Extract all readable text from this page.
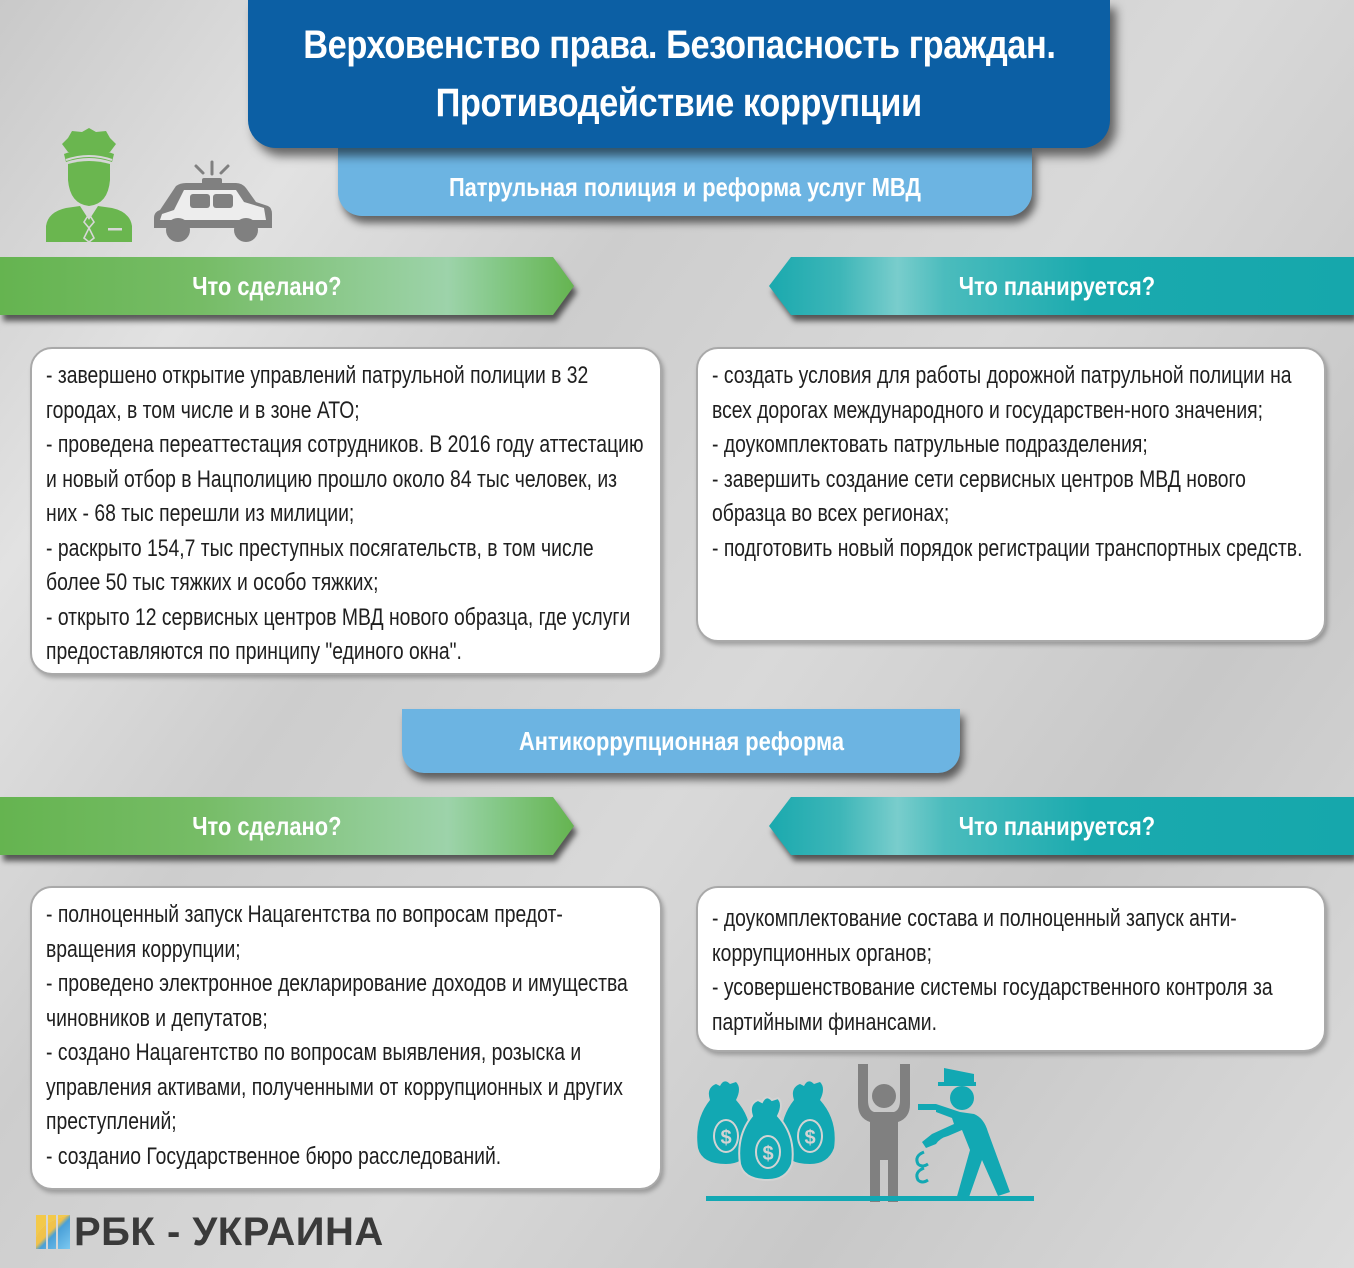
Верховенство права. Безопасность граждан.
Противодействие коррупции
Патрульная полиция и реформа услуг МВД
Что сделано?	Что планируется?
- завершено открытие управлений патрульной полиции в 32 городах, в том числе и в зоне АТО;
- проведена переаттестация сотрудников. В 2016 году аттестацию и новый отбор в Нацполицию прошло около 84 тыс человек, из них - 68 тыс перешли из милиции;
- раскрыто 154,7 тыс преступных посягательств, в том числе более 50 тыс тяжких и особо тяжких;
- открыто 12 сервисных центров МВД нового образца, где услуги предоставляются по принципу "единого окна".
- создать условия для работы дорожной патрульной полиции на всех дорогах международного и государствен-ного значения;
- доукомплектовать патрульные подразделения;
- завершить создание сети сервисных центров МВД нового образца во всех регионах;
- подготовить новый порядок регистрации транспортных средств.
Антикоррупционная реформа
Что сделано?	Что планируется?
- полноценный запуск Нацагентства по вопросам предот-вращения коррупции;
- проведено электронное декларирование доходов и имущества чиновников и депутатов;
- создано Нацагентство по вопросам выявления, розыска и управления активами, полученными от коррупционных и других преступлений;
- созданио Государственное бюро расследований.
- доукомплектование состава и полноценный запуск анти-коррупционных органов;
- усовершенствование системы государственного контроля за партийными финансами.
$	$
$
РБК - УКРАИНА
